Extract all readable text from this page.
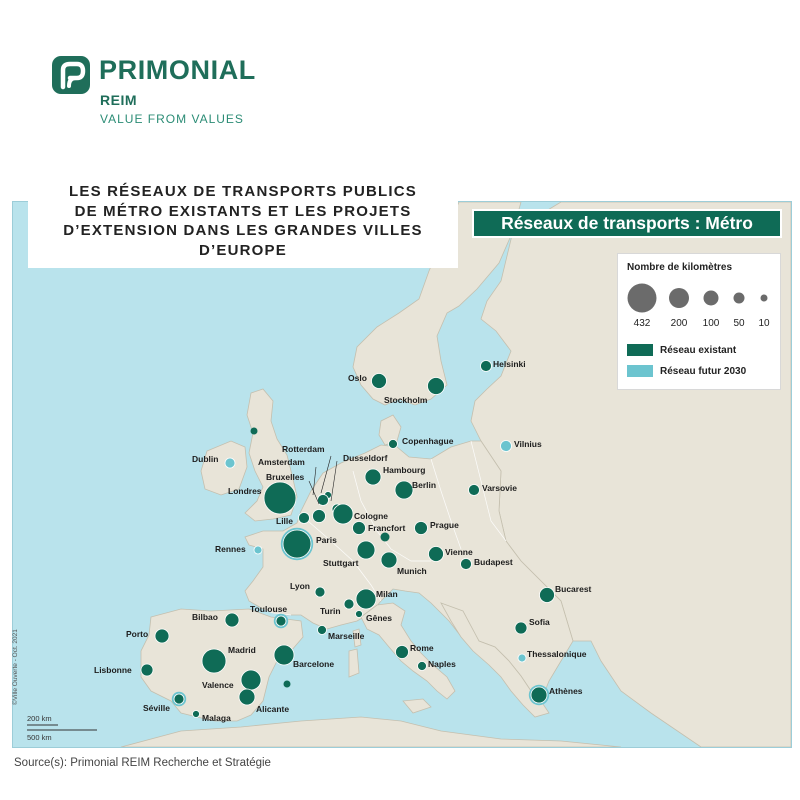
PRIMONIAL
REIM
VALUE FROM VALUES
LES RÉSEAUX DE TRANSPORTS PUBLICS
DE MÉTRO EXISTANTS ET LES PROJETS
D’EXTENSION DANS LES GRANDES VILLES
D’EUROPE
Réseaux de transports : Métro
Nombre de kilomètres
432 200 100 50 10
Réseau existant
Réseau futur 2030
Helsinki
Oslo
Stockholm
Copenhague	Vilnius
Dublin
Rotterdam
Amsterdam	Dusseldorf
Hambourg
Bruxelles
Berlin	Varsovie
Londres
Lille	Cologne
Francfort	Prague
Rennes
Paris
Vienne
Stuttgart
Munich
Budapest
Lyon
Milan	Bucarest
Bilbao
Toulouse	Turin
Gênes	Sofia
Porto	Marseille
Madrid	Rome
Thessalonique
Lisbonne
Barcelone	Naples
Valence
Athènes
Séville	Alicante
Malaga
200 km
500 km
©Ville Ouverte - Oct. 2021
Source(s): Primonial REIM Recherche et Stratégie
